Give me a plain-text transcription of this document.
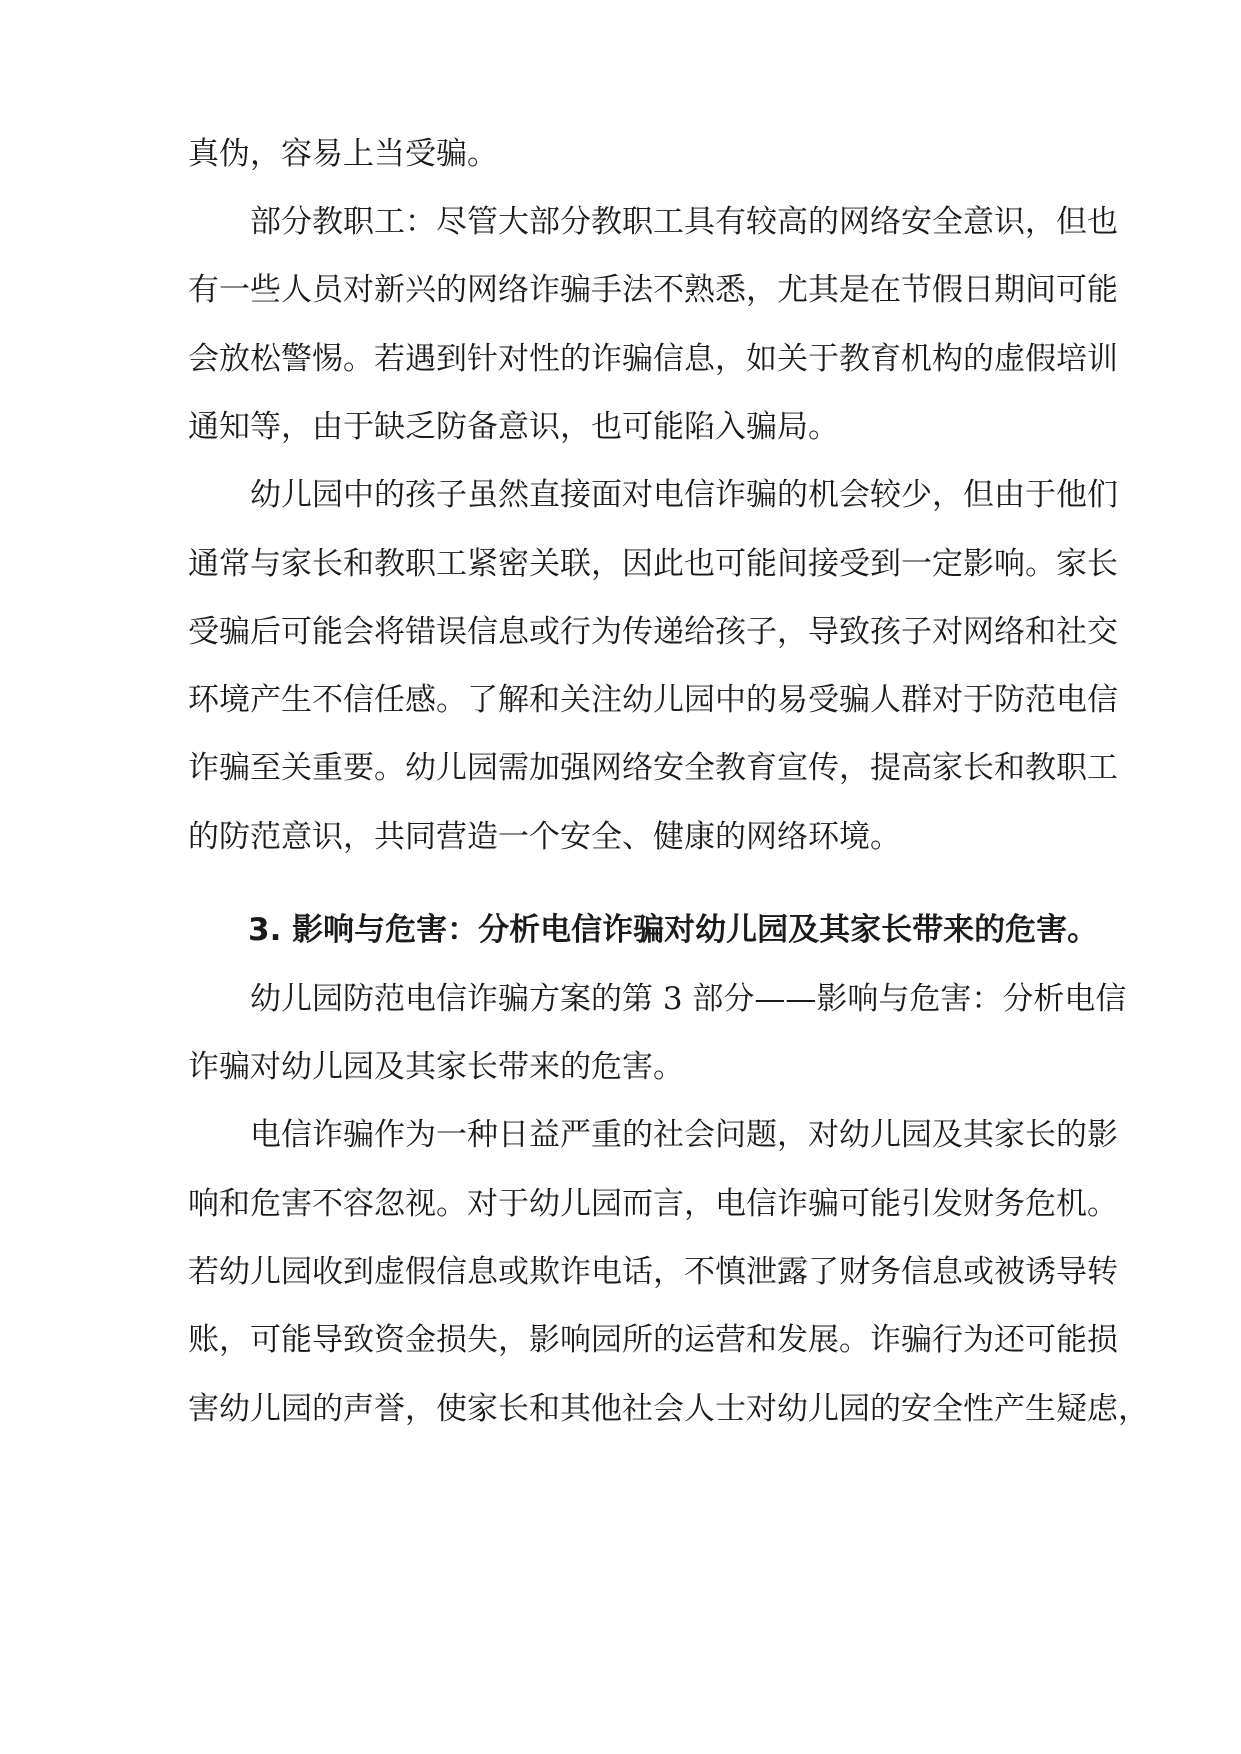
真伪，容易上当受骗。
部分教职工：尽管大部分教职工具有较高的网络安全意识，但也
有一些人员对新兴的网络诈骗手法不熟悉，尤其是在节假日期间可能
会放松警惕。若遇到针对性的诈骗信息，如关于教育机构的虚假培训
通知等，由于缺乏防备意识，也可能陷入骗局。
幼儿园中的孩子虽然直接面对电信诈骗的机会较少，但由于他们
通常与家长和教职工紧密关联，因此也可能间接受到一定影响。家长
受骗后可能会将错误信息或行为传递给孩子，导致孩子对网络和社交
环境产生不信任感。了解和关注幼儿园中的易受骗人群对于防范电信
诈骗至关重要。幼儿园需加强网络安全教育宣传，提高家长和教职工
的防范意识，共同营造一个安全、健康的网络环境。
3. 影响与危害：分析电信诈骗对幼儿园及其家长带来的危害。
幼儿园防范电信诈骗方案的第 3 部分——影响与危害：分析电信
诈骗对幼儿园及其家长带来的危害。
电信诈骗作为一种日益严重的社会问题，对幼儿园及其家长的影
响和危害不容忽视。对于幼儿园而言，电信诈骗可能引发财务危机。
若幼儿园收到虚假信息或欺诈电话，不慎泄露了财务信息或被诱导转
账，可能导致资金损失，影响园所的运营和发展。诈骗行为还可能损
害幼儿园的声誉，使家长和其他社会人士对幼儿园的安全性产生疑虑，
